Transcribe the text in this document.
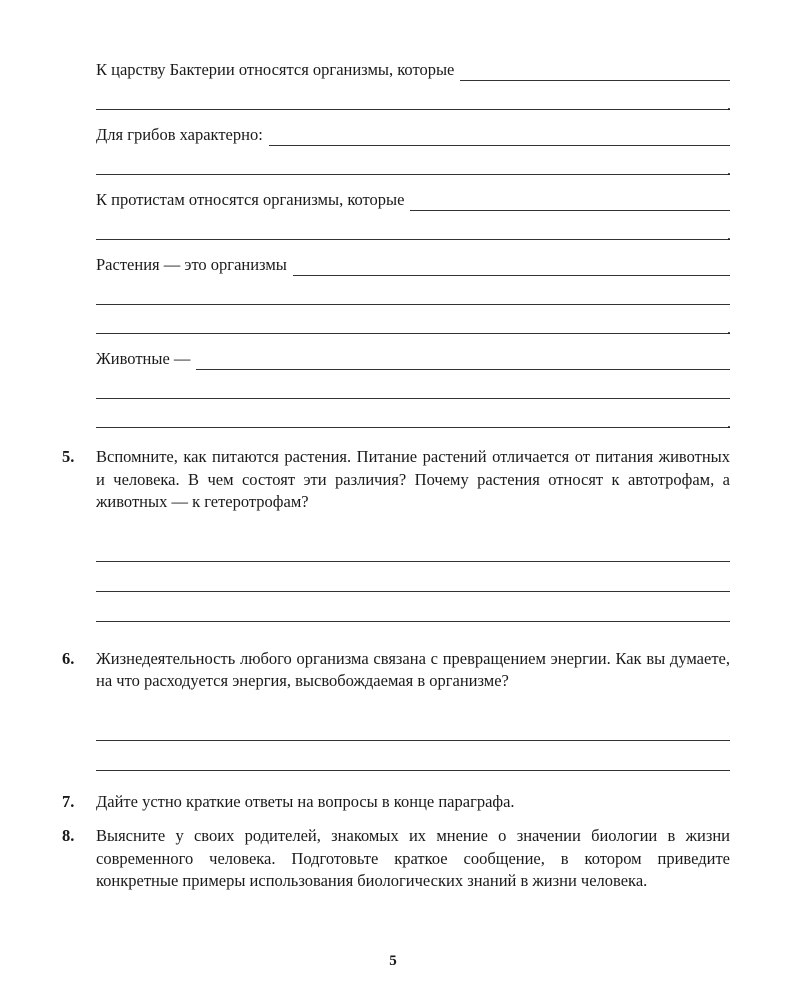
К царству Бактерии относятся организмы, которые
.
Для грибов характерно:
.
К протистам относятся организмы, которые
.
Растения — это организмы
.
Животные —
.
5.	Вспомните, как питаются растения. Питание растений отличается от питания животных и человека. В чем состоят эти различия? Почему растения относят к автотрофам, а животных — к гетеротрофам?
6.	Жизнедеятельность любого организма связана с превращением энергии. Как вы думаете, на что расходуется энергия, высвобождаемая в организме?
7.	Дайте устно краткие ответы на вопросы в конце параграфа.
8.	Выясните у своих родителей, знакомых их мнение о значении биологии в жизни современного человека. Подготовьте краткое сообщение, в котором приведите конкретные примеры использования биологических знаний в жизни человека.
5
